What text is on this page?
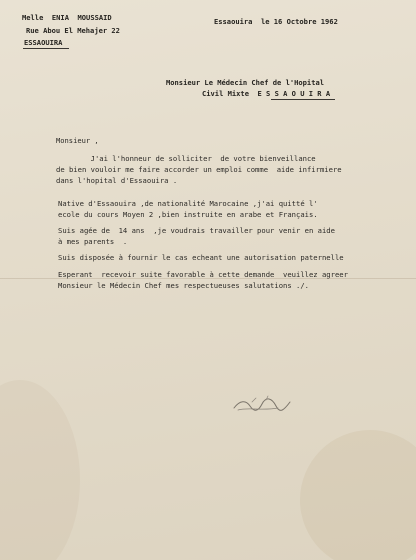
Melle  ENIA  MOUSSAID
Rue Abou El Mehajer 22
ESSAOUIRA
Essaouira  le 16 Octobre 1962
Monsieur Le Médecin Chef de l'Hopital
Civil Mixte  E S S A O U I R A
Monsieur ,
J'ai l'honneur de solliciter  de votre bienveillance
de bien vouloir me faire accorder un emploi comme  aide infirmiere
dans l'hopital d'Essaouira .
Native d'Essaouira ,de nationalité Marocaine ,j'ai quitté l'
ecole du cours Moyen 2 ,bien instruite en arabe et Français.
Suis agée de  14 ans  ,je voudrais travailler pour venir en aide
à mes parents  .
Suis disposée à fournir le cas echeant une autorisation paternelle
Esperant  recevoir suite favorable à cette demande  veuillez agreer
Monsieur le Médecin Chef mes respectueuses salutations ./.
